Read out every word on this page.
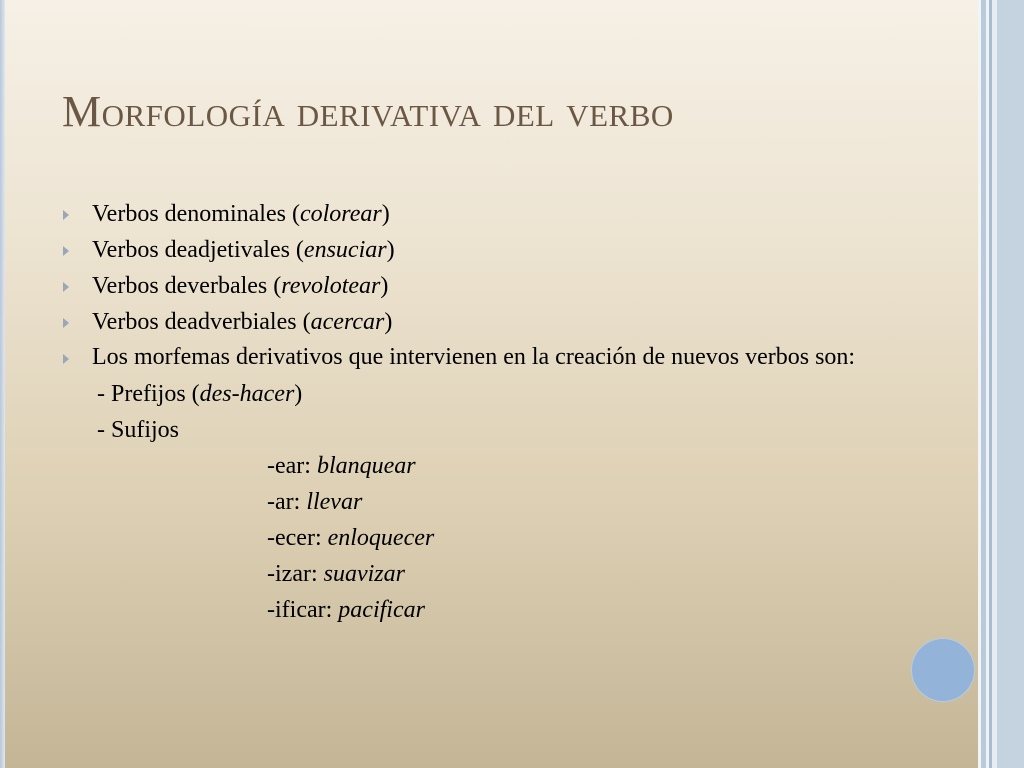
Morfología derivativa del verbo
Verbos denominales (colorear)
Verbos deadjetivales (ensuciar)
Verbos deverbales (revolotear)
Verbos deadverbiales (acercar)
Los morfemas derivativos que intervienen en la creación de nuevos verbos son:
- Prefijos (des-hacer)
- Sufijos
-ear: blanquear
-ar: llevar
-ecer: enloquecer
-izar: suavizar
-ificar: pacificar
